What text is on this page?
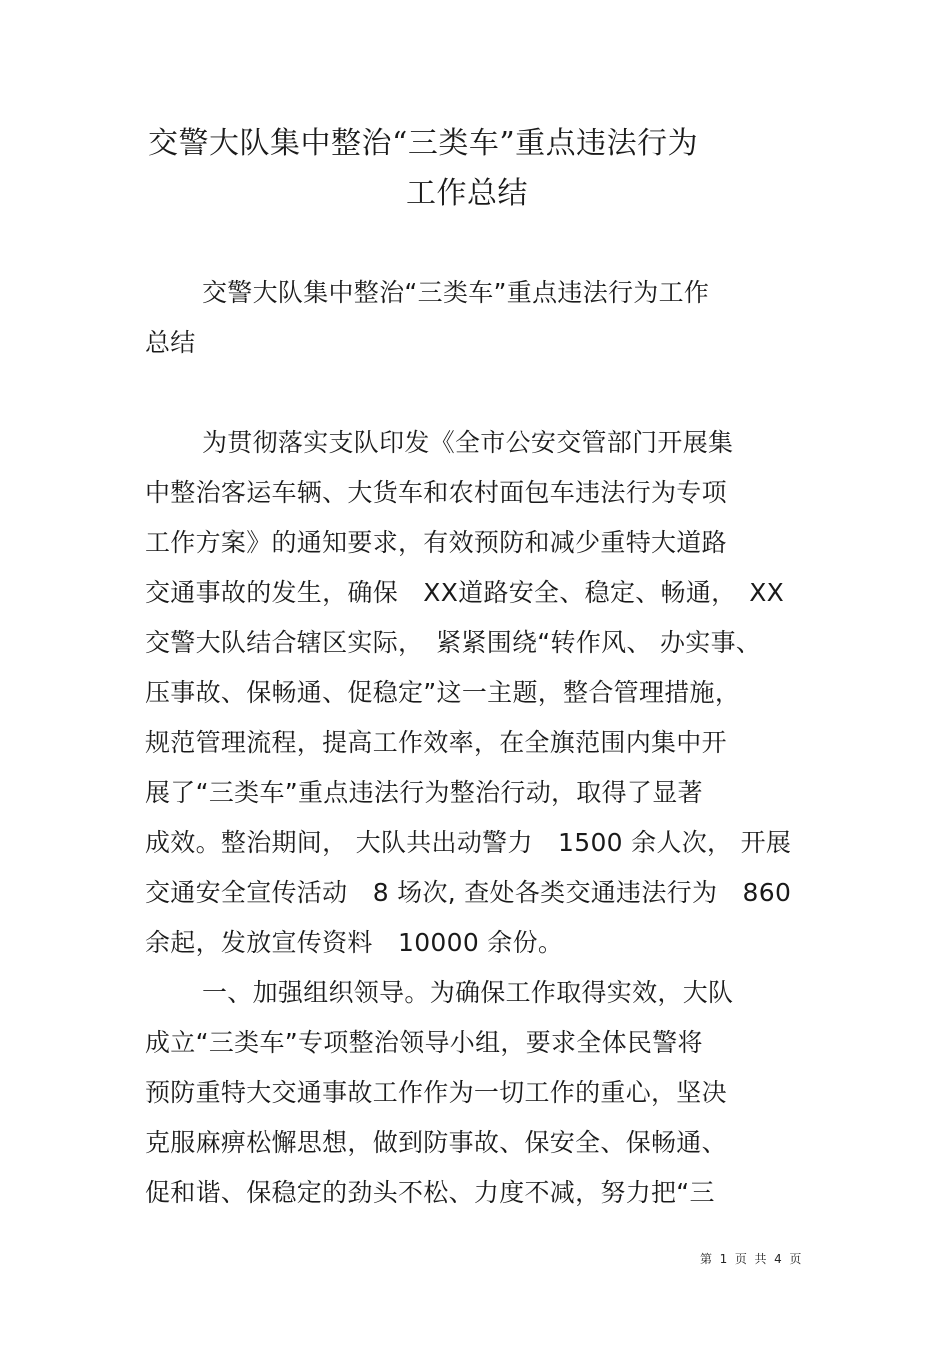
交警大队集中整治“三类车”重点违法行为
工作总结
交警大队集中整治“三类车”重点违法行为工作
总结
为贯彻落实支队印发《全市公安交管部门开展集
中整治客运车辆、大货车和农村面包车违法行为专项
工作方案》的通知要求，有效预防和减少重特大道路
交通事故的发生，确保　XX道路安全、稳定、畅通，　XX
交警大队结合辖区实际，　紧紧围绕“转作风、 办实事、
压事故、保畅通、促稳定”这一主题，整合管理措施，
规范管理流程，提高工作效率，在全旗范围内集中开
展了“三类车”重点违法行为整治行动，取得了显著
成效。整治期间， 大队共出动警力　1500 余人次， 开展
交通安全宣传活动　8 场次, 查处各类交通违法行为　860
余起，发放宣传资料　10000 余份。
一、加强组织领导。为确保工作取得实效，大队
成立“三类车”专项整治领导小组，要求全体民警将
预防重特大交通事故工作作为一切工作的重心，坚决
克服麻痹松懈思想，做到防事故、保安全、保畅通、
促和谐、保稳定的劲头不松、力度不减，努力把“三
第  1  页  共  4  页
